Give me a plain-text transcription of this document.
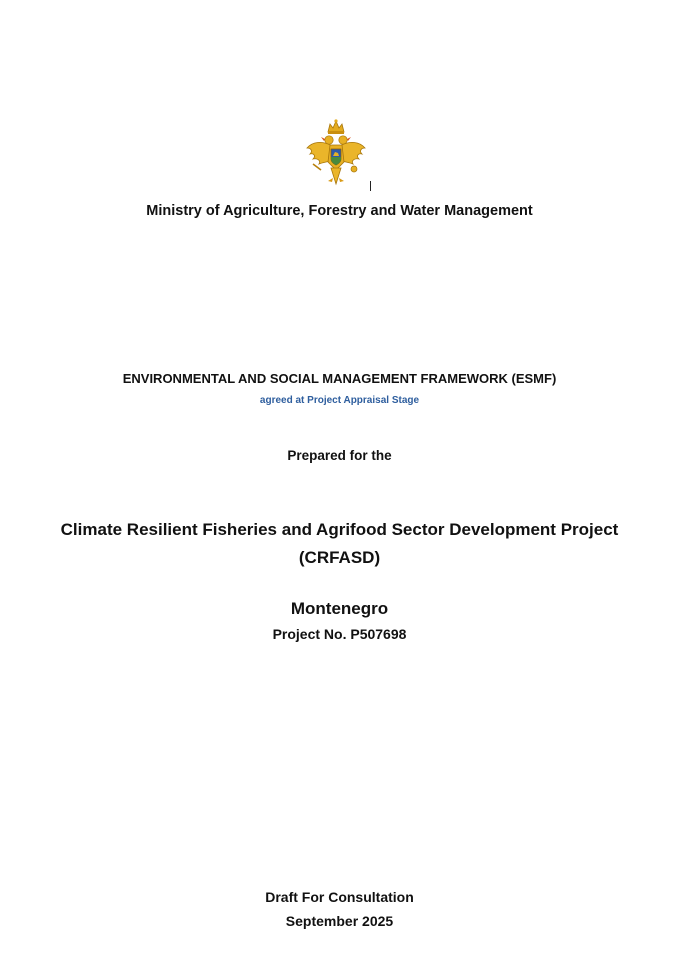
Ministry of Agriculture, Forestry and Water Management
ENVIRONMENTAL AND SOCIAL MANAGEMENT FRAMEWORK (ESMF)
agreed at Project Appraisal Stage
Prepared for the
Climate Resilient Fisheries and Agrifood Sector Development Project
(CRFASD)
Montenegro
Project No. P507698
Draft For Consultation
September 2025
